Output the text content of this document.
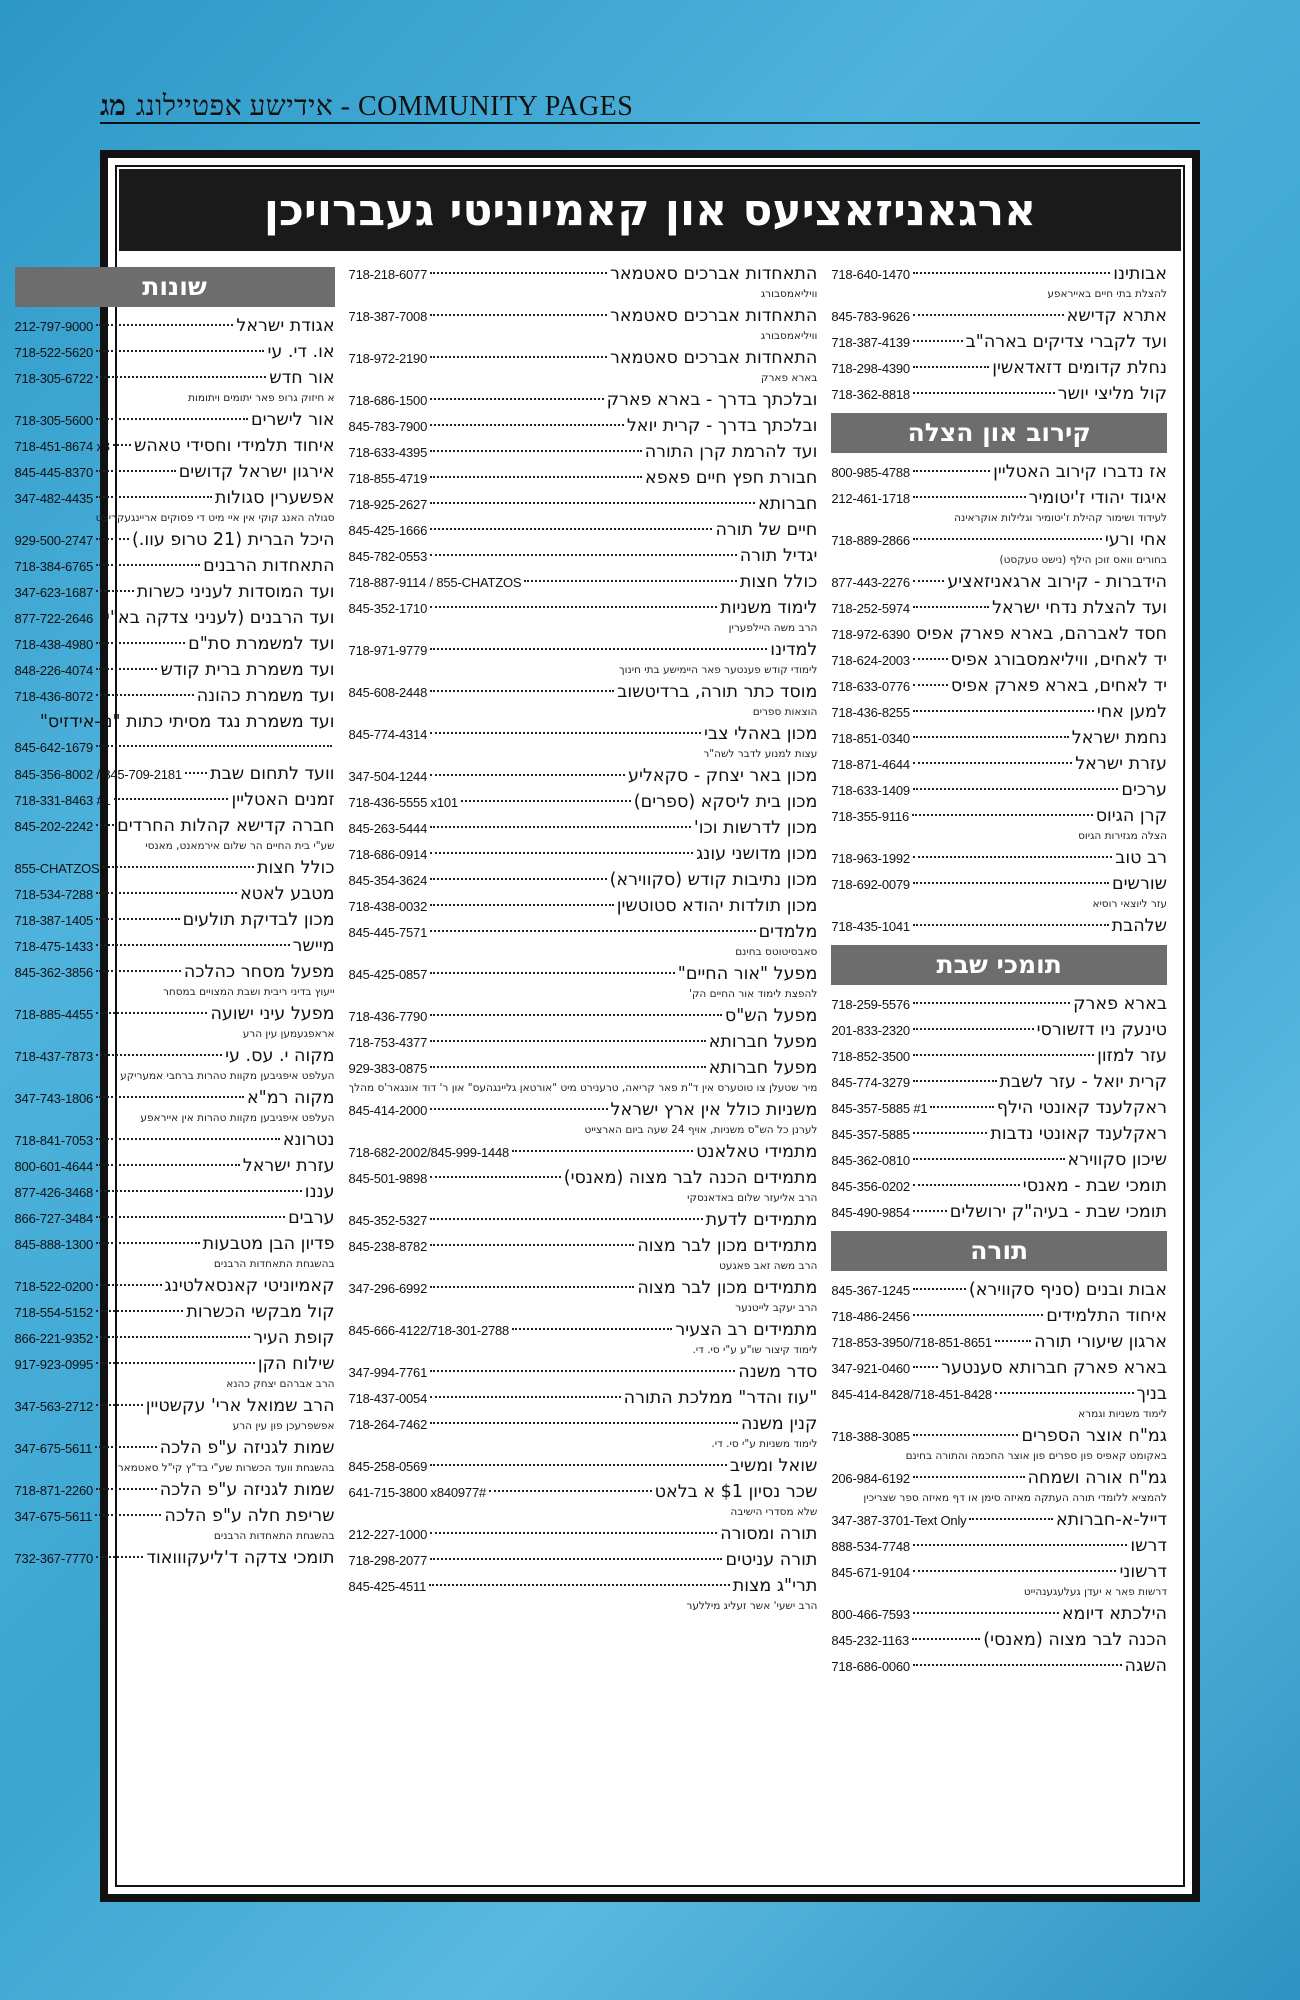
מג אידישע אפטיילונג - COMMUNITY PAGES
ארגאניזאציעס און קאמיוניטי געברויכן
אבותינו
718-640-1470
להצלת בתי חיים באייראפע
אתרא קדישא
845-783-9626
ועד לקברי צדיקים בארה"ב
718-387-4139
נחלת קדומים דזאדאשין
718-298-4390
קול מליצי יושר
718-362-8818
קירוב און הצלה
אז נדברו קירוב האטליין
800-985-4788
איגוד יהודי ז'יטומיר
212-461-1718
לעידוד ושימור קהילת ז'יטומיר וגלילות אוקראינה
אחי ורעי
718-889-2866
בחורים וואס זוכן הילף (נישט טעקסט)
הידברות - קירוב ארגאניזאציע
877-443-2276
ועד להצלת נדחי ישראל
718-252-5974
חסד לאברהם, בארא פארק אפיס
718-972-6390
יד לאחים, וויליאמסבורג אפיס
718-624-2003
יד לאחים, בארא פארק אפיס
718-633-0776
למען אחי
718-436-8255
נחמת ישראל
718-851-0340
עזרת ישראל
718-871-4644
ערכים
718-633-1409
קרן הגיוס
718-355-9116
הצלה מגזירות הגיוס
רב טוב
718-963-1992
שורשים
718-692-0079
עזר ליוצאי רוסיא
שלהבת
718-435-1041
תומכי שבת
בארא פארק
718-259-5576
טינעק ניו דזשורסי
201-833-2320
עזר למזון
718-852-3500
קרית יואל - עזר לשבת
845-774-3279
ראקלענד קאונטי הילף
845-357-5885 #1
ראקלענד קאונטי נדבות
845-357-5885
שיכון סקווירא
845-362-0810
תומכי שבת - מאנסי
845-356-0202
תומכי שבת - בעיה"ק ירושלים
845-490-9854
תורה
אבות ובנים (סניף סקווירא)
845-367-1245
איחוד התלמידים
718-486-2456
ארגון שיעורי תורה
718-853-3950/718-851-8651
בארא פארק חברותא סענטער
347-921-0460
בניך
845-414-8428/718-451-8428
לימוד משניות וגמרא
גמ"ח אוצר הספרים
718-388-3085
באקומט קאפיס פון ספרים פון אוצר החכמה והתורה בחינם
גמ"ח אורה ושמחה
206-984-6192
להמציא ללומדי תורה העתקה מאיזה סימן או דף מאיזה ספר שצריכין
דייל-א-חברותא
347-387-3701-Text Only
דרשו
888-534-7748
דרשוני
845-671-9104
דרשות פאר א יעדן געלעגענהייט
הילכתא דיומא
800-466-7593
הכנה לבר מצוה (מאנסי)
845-232-1163
השגה
718-686-0060
התאחדות אברכים סאטמאר
718-218-6077
וויליאמסבורג
התאחדות אברכים סאטמאר
718-387-7008
וויליאמסבורג
התאחדות אברכים סאטמאר
718-972-2190
בארא פארק
ובלכתך בדרך - בארא פארק
718-686-1500
ובלכתך בדרך - קרית יואל
845-783-7900
ועד להרמת קרן התורה
718-633-4395
חבורת חפץ חיים פאפא
718-855-4719
חברותא
718-925-2627
חיים של תורה
845-425-1666
יגדיל תורה
845-782-0553
כולל חצות
718-887-9114 / 855-CHATZOS
לימוד משניות
845-352-1710
הרב משה היילפערין
למדינו
718-971-9779
לימודי קודש פענטער פאר היימישע בתי חינוך
מוסד כתר תורה, ברדיטשוב
845-608-2448
הוצאות ספרים
מכון באהלי צבי
845-774-4314
עצות למנוע לדבר לשה"ר
מכון באר יצחק - סקאליע
347-504-1244
מכון בית ליסקא (ספרים)
718-436-5555 x101
מכון לדרשות וכו'
845-263-5444
מכון מדושני עונג
718-686-0914
מכון נתיבות קודש (סקווירא)
845-354-3624
מכון תולדות יהודא סטוטשין
718-438-0032
מלמדים
845-445-7571
סאבסיטוטס בחינם
מפעל "אור החיים"
845-425-0857
להפצת לימוד אור החיים הק'
מפעל הש"ס
718-436-7790
מפעל חברותא
718-753-4377
מפעל חברותא
929-383-0875
מיר שטעלן צו טוטערס אין ד"ת פאר קריאה, טרענירט מיט "אורטאן גליינגהעס" און ר' דוד אונגאר'ס מהלך
משניות כולל אין ארץ ישראל
845-414-2000
לערנן כל הש"ס משניות, אויף 24 שעה ביום הארצייט
מתמידי טאלאנט
718-682-2002/845-999-1448
מתמידים הכנה לבר מצוה (מאנסי)
845-501-9898
הרב אליעזר שלום באדאנסקי
מתמידים לדעת
845-352-5327
מתמידים מכון לבר מצוה
845-238-8782
הרב משה זאב פאגעט
מתמידים מכון לבר מצוה
347-296-6992
הרב יעקב לייטנער
מתמידים רב הצעיר
845-666-4122/718-301-2788
לימוד קיצור שו"ע ע"י סי. די.
סדר משנה
347-994-7761
"עוז והדר" ממלכת התורה
718-437-0054
קנין משנה
718-264-7462
לימוד משניות ע"י סי. די.
שואל ומשיב
845-258-0569
שכר נסיון $1 א בלאט
641-715-3800 x840977#
שלא מסדרי הישיבה
תורה ומסורה
212-227-1000
תורה עניטים
718-298-2077
תרי"ג מצות
845-425-4511
הרב ישעי' אשר זעליג מיללער
שונות
אגודת ישראל
212-797-9000
או. די. עי
718-522-5620
אור חדש
718-305-6722
א חיזוק גרופ פאר יתומים ויתומות
אור לישרים
718-305-5600
איחוד תלמידי וחסידי טאהש
718-451-8674 x8
אירגון ישראל קדושים
845-445-8370
אפשערין סגולות
347-482-4435
סגולה האנג קוקי אין איי מיט די פסוקים אריינגעקריצט
היכל הברית (21 טרופ עוו.)
929-500-2747
התאחדות הרבנים
718-384-6765
ועד המוסדות לעניני כשרות
347-623-1687
ועד הרבנים (לעניני צדקה בא"י)
877-722-2646
ועד למשמרת סת"ם
718-438-4980
ועד משמרת ברית קודש
848-226-4074
ועד משמרת כהונה
718-436-8072
ועד משמרת נגד מסיתי כתות "נו-אידזיס"
845-642-1679
וועד לתחום שבת
845-356-8002 / 845-709-2181
זמנים האטליין
718-331-8463 #1
חברה קדישא קהלות החרדים
845-202-2242
שע"י בית החיים הר שלום אירמאנט, מאנסי
כולל חצות
855-CHATZOS
מטבע לאטא
718-534-7288
מכון לבדיקת תולעים
718-387-1405
מיישר
718-475-1433
מפעל מסחר כהלכה
845-362-3856
ייעוץ בדיני ריבית ושבת המצויים במסחר
מפעל עיני ישועה
718-885-4455
אראפגעמען עין הרע
מקוה י. עס. עי
718-437-7873
העלפט איפגיבען מקוות טהרות ברחבי אמעריקע
מקוה רמ"א
347-743-1806
העלפט איפגיבען מקוות טהרות אין אייראפע
נטרונא
718-841-7053
עזרת ישראל
800-601-4644
עננו
877-426-3468
ערבים
866-727-3484
פדיון הבן מטבעות
845-888-1300
בהשגחת התאחדות הרבנים
קאמיוניטי קאנסאלטינג
718-522-0200
קול מבקשי הכשרות
718-554-5152
קופת העיר
866-221-9352
שילוח הקן
917-923-0995
הרב אברהם יצחק כהנא
הרב שמואל ארי' עקשטיין
347-563-2712
אפשפרעכן פון עין הרע
שמות לגניזה ע"פ הלכה
347-675-5611
בהשגחת וועד הכשרות שע"י בד"ץ קי"ל סאטמאר
שמות לגניזה ע"פ הלכה
718-871-2260
שריפת חלה ע"פ הלכה
347-675-5611
בהשגחת התאחדות הרבנים
תומכי צדקה ד'ליעקווואוד
732-367-7770
